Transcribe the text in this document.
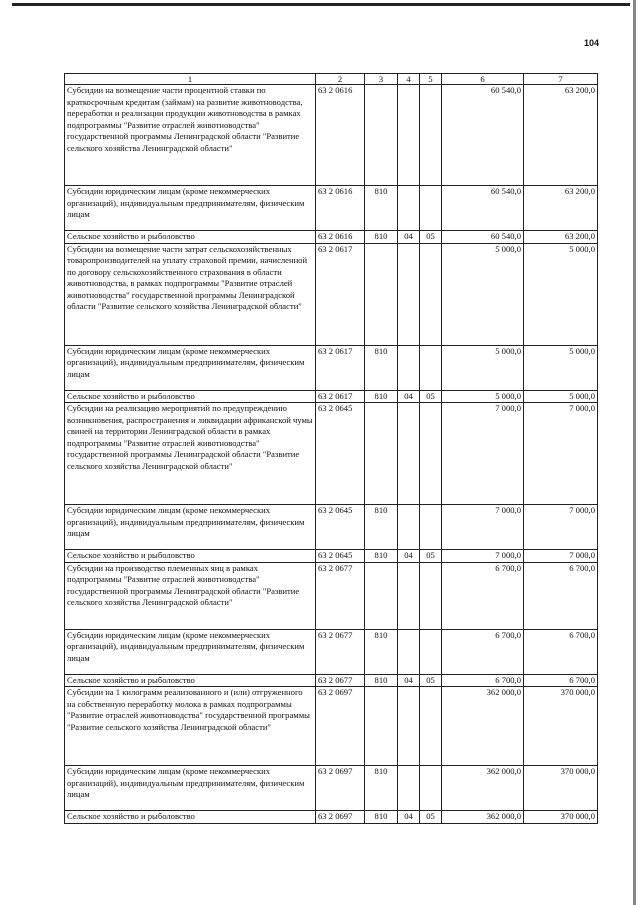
104
1	2	3	4	5	6	7
Субсидии на возмещение части процентной ставки по краткосрочным кредитам (займам) на развитие животноводства, переработки и реализации продукции животноводства в рамках подпрограммы "Развитие отраслей животноводства" государственной программы Ленинградской области "Развитие сельского хозяйства Ленинградской области"	63 2 0616				60 540,0	63 200,0
Субсидии юридическим лицам (кроме некоммерческих организаций), индивидуальным предпринимателям, физическим лицам	63 2 0616	810			60 540,0	63 200,0
Сельское хозяйство и рыболовство	63 2 0616	810	04	05	60 540,0	63 200,0
Субсидии на возмещение части затрат сельскохозяйственных товаропроизводителей на уплату страховой премии, начисленной по договору сельскохозяйственного страхования в области животноводства, в рамках подпрограммы "Развитие отраслей животноводства" государственной программы Ленинградской области "Развитие сельского хозяйства Ленинградской области"	63 2 0617				5 000,0	5 000,0
Субсидии юридическим лицам (кроме некоммерческих организаций), индивидуальным предпринимателям, физическим лицам	63 2 0617	810			5 000,0	5 000,0
Сельское хозяйство и рыболовство	63 2 0617	810	04	05	5 000,0	5 000,0
Субсидии на реализацию мероприятий по предупреждению возникновения, распространения и ликвидации африканской чумы свиней на территории Ленинградской области в рамках подпрограммы "Развитие отраслей животноводства" государственной программы Ленинградской области "Развитие сельского хозяйства Ленинградской области"	63 2 0645				7 000,0	7 000,0
Субсидии юридическим лицам (кроме некоммерческих организаций), индивидуальным предпринимателям, физическим лицам	63 2 0645	810			7 000,0	7 000,0
Сельское хозяйство и рыболовство	63 2 0645	810	04	05	7 000,0	7 000,0
Субсидии на производство племенных яиц в рамках подпрограммы "Развитие отраслей животноводства" государственной программы Ленинградской области "Развитие сельского хозяйства Ленинградской области"	63 2 0677				6 700,0	6 700,0
Субсидии юридическим лицам (кроме некоммерческих организаций), индивидуальным предпринимателям, физическим лицам	63 2 0677	810			6 700,0	6 700,0
Сельское хозяйство и рыболовство	63 2 0677	810	04	05	6 700,0	6 700,0
Субсидии на 1 килограмм реализованного и (или) отгруженного на собственную переработку молока в рамках подпрограммы "Развитие отраслей животноводства" государственной программы "Развитие сельского хозяйства Ленинградской области"	63 2 0697				362 000,0	370 000,0
Субсидии юридическим лицам (кроме некоммерческих организаций), индивидуальным предпринимателям, физическим лицам	63 2 0697	810			362 000,0	370 000,0
Сельское хозяйство и рыболовство	63 2 0697	810	04	05	362 000,0	370 000,0
